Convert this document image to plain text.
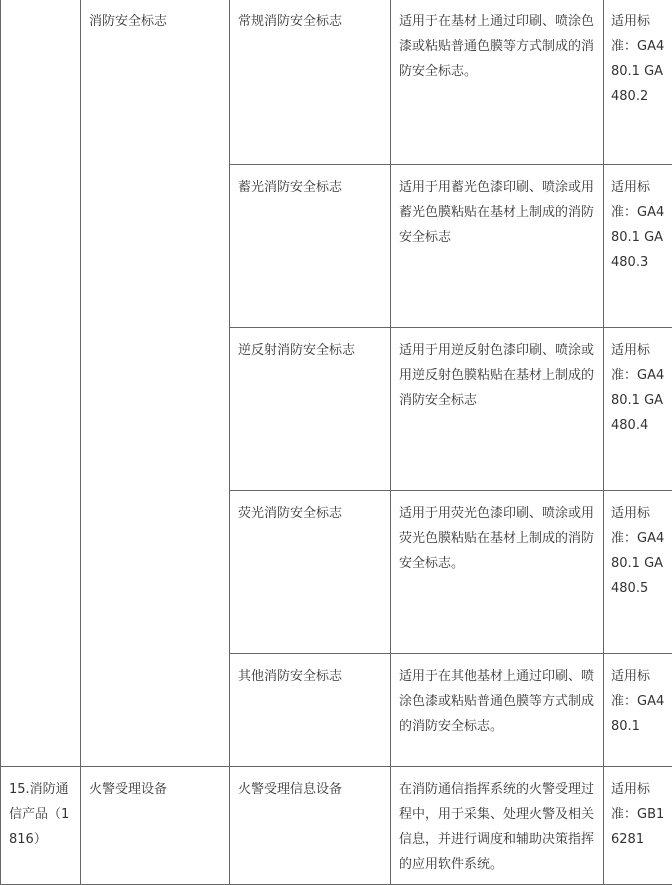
	消防安全标志	常规消防安全标志	适用于在基材上通过印刷、喷涂色漆或粘贴普通色膜等方式制成的消防安全标志。	适用标准：GA480.1 GA480.2
		蓄光消防安全标志	适用于用蓄光色漆印刷、喷涂或用蓄光色膜粘贴在基材上制成的消防安全标志	适用标准：GA480.1 GA480.3
		逆反射消防安全标志	适用于用逆反射色漆印刷、喷涂或用逆反射色膜粘贴在基材上制成的消防安全标志	适用标准：GA480.1 GA480.4
		荧光消防安全标志	适用于用荧光色漆印刷、喷涂或用荧光色膜粘贴在基材上制成的消防安全标志。	适用标准：GA480.1 GA480.5
		其他消防安全标志	适用于在其他基材上通过印刷、喷涂色漆或粘贴普通色膜等方式制成的消防安全标志。	适用标准：GA480.1
15.消防通信产品（1816）	火警受理设备	火警受理信息设备	在消防通信指挥系统的火警受理过程中，用于采集、处理火警及相关信息，并进行调度和辅助决策指挥的应用软件系统。	适用标准：GB16281
